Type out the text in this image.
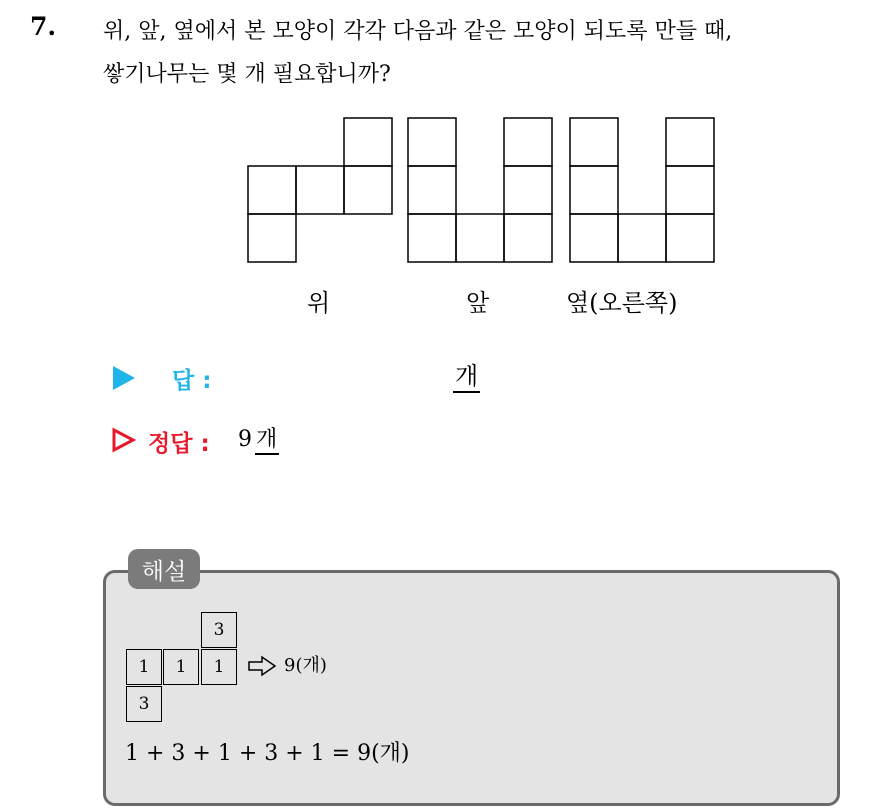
7. 위, 앞, 옆에서 본 모양이 각각 다음과 같은 모양이 되도록 만들 때,
쌓기나무는 몇 개 필요합니까?
위	앞	옆(오른쪽)
답 :	개
정답 : 9 개
해설
3
1	1	1
3
9(개)
1 + 3 + 1 + 3 + 1 = 9(개)
